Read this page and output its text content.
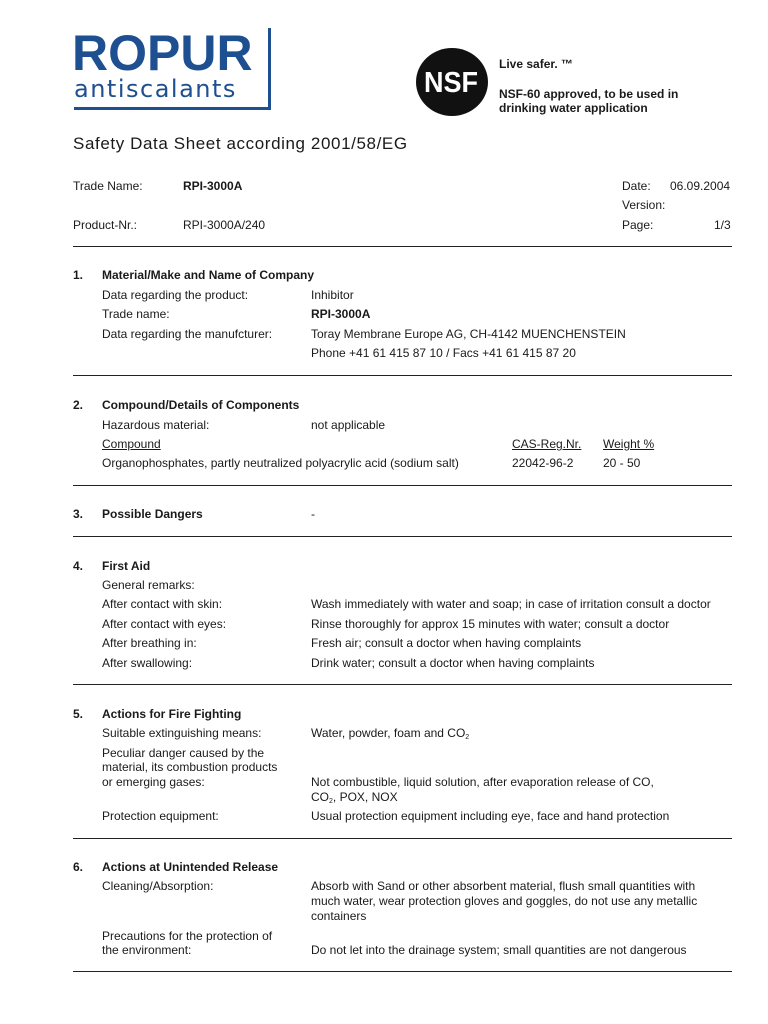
ROPUR
antiscalants	NSF
Live safer. ™
NSF-60 approved, to be used in
drinking water application
Safety Data Sheet according 2001/58/EG
Trade Name:	RPI-3000A
Product-Nr.:	RPI-3000A/240
Date: 06.09.2004
Version:
Page:	1/3
1. Material/Make and Name of Company
Data regarding the product:	Inhibitor
Trade name:	RPI-3000A
Data regarding the manufcturer:	Toray Membrane Europe AG, CH-4142 MUENCHENSTEIN
Phone +41 61 415 87 10 / Facs +41 61 415 87 20
2. Compound/Details of Components
Hazardous material:	not applicable
Compound	CAS-Reg.Nr. Weight %
Organophosphates, partly neutralized polyacrylic acid (sodium salt)	22042-96-2 20 - 50
3. Possible Dangers	-
4. First Aid
General remarks:
After contact with skin:	Wash immediately with water and soap; in case of irritation consult a doctor
After contact with eyes:	Rinse thoroughly for approx 15 minutes with water; consult a doctor
After breathing in:	Fresh air; consult a doctor when having complaints
After swallowing:	Drink water; consult a doctor when having complaints
5. Actions for Fire Fighting
Suitable extinguishing means:	Water, powder, foam and $CO_2$
Peculiar danger caused by the
material, its combustion products
or emerging gases:	Not combustible, liquid solution, after evaporation release of CO,
$CO_2$, POX, NOX
Protection equipment:	Usual protection equipment including eye, face and hand protection
6. Actions at Unintended Release
Cleaning/Absorption:	Absorb with Sand or other absorbent material, flush small quantities with
much water, wear protection gloves and goggles, do not use any metallic
containers
Precautions for the protection of
the environment:	Do not let into the drainage system; small quantities are not dangerous
